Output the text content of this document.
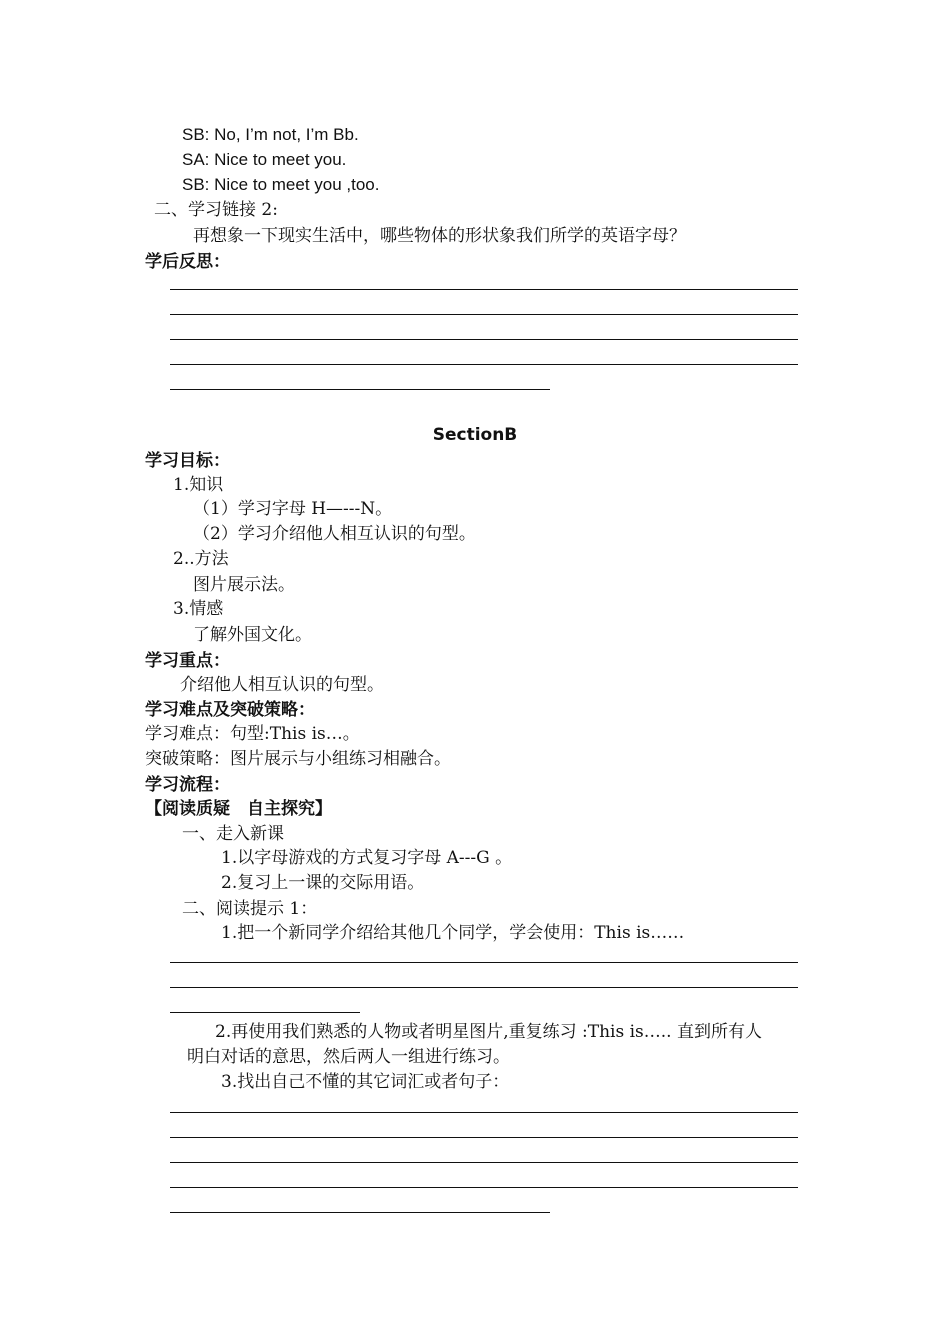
SB: No, I’m not, I’m Bb.
SA: Nice to meet you.
SB: Nice to meet you ,too.
二、学习链接 2:
再想象一下现实生活中，哪些物体的形状象我们所学的英语字母？
学后反思：
SectionB
学习目标：
1.知识
（1）学习字母 H—---N。
（2）学习介绍他人相互认识的句型。
2..方法
图片展示法。
3.情感
了解外国文化。
学习重点：
介绍他人相互认识的句型。
学习难点及突破策略：
学习难点：句型:This is…。
突破策略：图片展示与小组练习相融合。
学习流程：
【阅读质疑　自主探究】
一、走入新课
1.以字母游戏的方式复习字母 A---G 。
2.复习上一课的交际用语。
二、阅读提示 1：
1.把一个新同学介绍给其他几个同学，学会使用：This is……
2.再使用我们熟悉的人物或者明星图片,重复练习 :This is….. 直到所有人
明白对话的意思，然后两人一组进行练习。
3.找出自己不懂的其它词汇或者句子：
